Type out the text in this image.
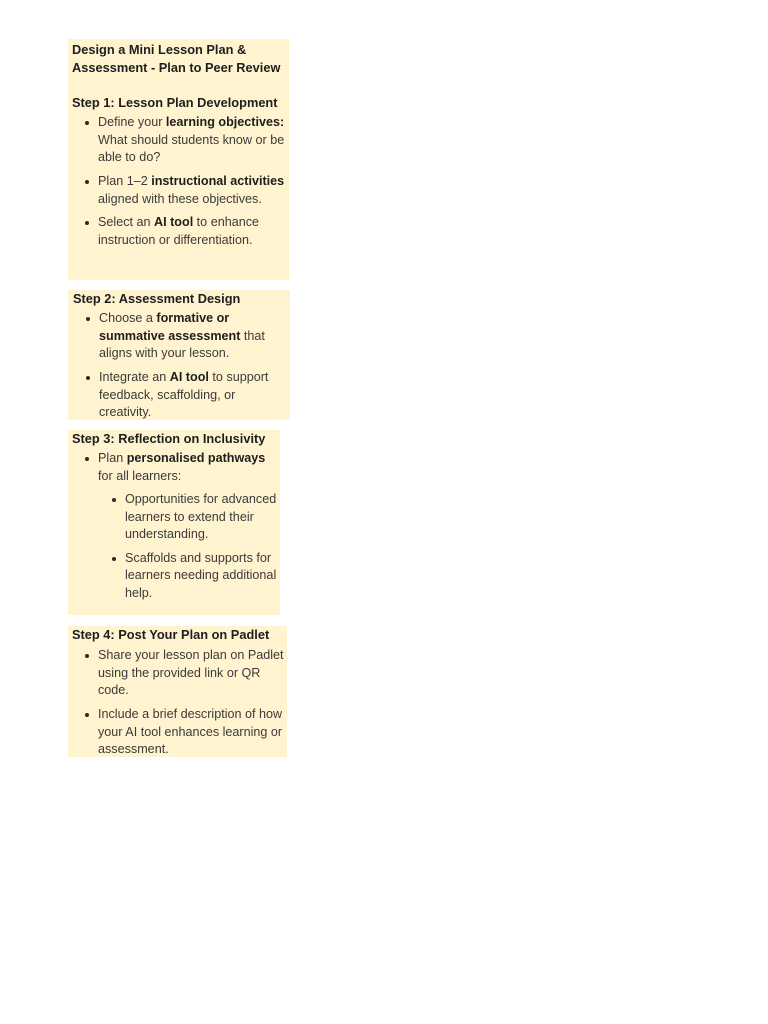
Design a Mini Lesson Plan &
Assessment - Plan to Peer Review
Step 1: Lesson Plan Development
Define your learning objectives: What should students know or be able to do?
Plan 1–2 instructional activities aligned with these objectives.
Select an AI tool to enhance instruction or differentiation.
Step 2: Assessment Design
Choose a formative or summative assessment that aligns with your lesson.
Integrate an AI tool to support feedback, scaffolding, or creativity.
Step 3: Reflection on Inclusivity
Plan personalised pathways for all learners:
Opportunities for advanced learners to extend their understanding.
Scaffolds and supports for learners needing additional help.
Step 4: Post Your Plan on Padlet
Share your lesson plan on Padlet using the provided link or QR code.
Include a brief description of how your AI tool enhances learning or assessment.
